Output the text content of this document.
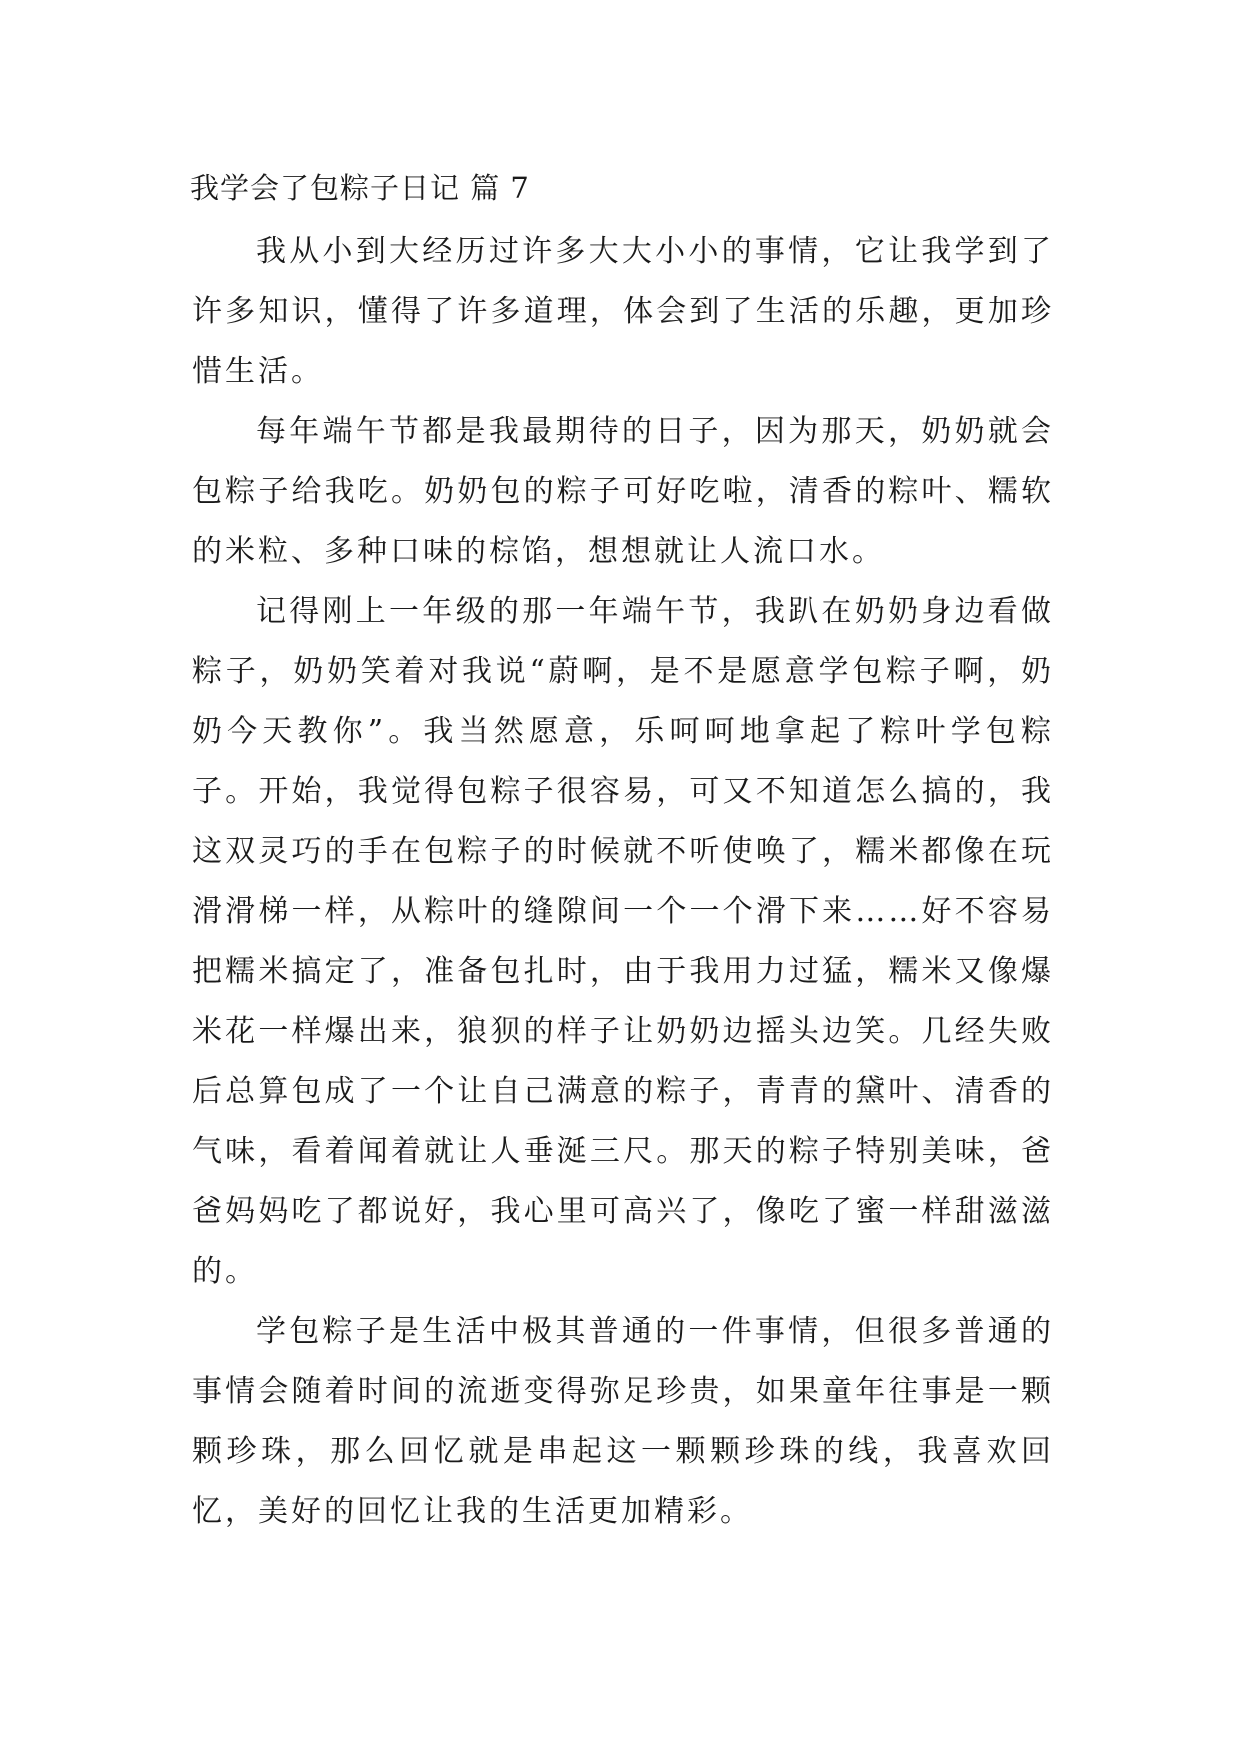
我学会了包粽子日记 篇 7

我从小到大经历过许多大大小小的事情，它让我学到了许多知识，懂得了许多道理，体会到了生活的乐趣，更加珍惜生活。

每年端午节都是我最期待的日子，因为那天，奶奶就会包粽子给我吃。奶奶包的粽子可好吃啦，清香的粽叶、糯软的米粒、多种口味的棕馅，想想就让人流口水。

记得刚上一年级的那一年端午节，我趴在奶奶身边看做粽子，奶奶笑着对我说“蔚啊，是不是愿意学包粽子啊，奶奶今天教你”。我当然愿意，乐呵呵地拿起了粽叶学包粽子。开始，我觉得包粽子很容易，可又不知道怎么搞的，我这双灵巧的手在包粽子的时候就不听使唤了，糯米都像在玩滑滑梯一样，从粽叶的缝隙间一个一个滑下来……好不容易把糯米搞定了，准备包扎时，由于我用力过猛，糯米又像爆米花一样爆出来，狼狈的样子让奶奶边摇头边笑。几经失败后总算包成了一个让自己满意的粽子，青青的黛叶、清香的气味，看着闻着就让人垂涎三尺。那天的粽子特别美味，爸爸妈妈吃了都说好，我心里可高兴了，像吃了蜜一样甜滋滋的。

学包粽子是生活中极其普通的一件事情，但很多普通的事情会随着时间的流逝变得弥足珍贵，如果童年往事是一颗颗珍珠，那么回忆就是串起这一颗颗珍珠的线，我喜欢回忆，美好的回忆让我的生活更加精彩。
